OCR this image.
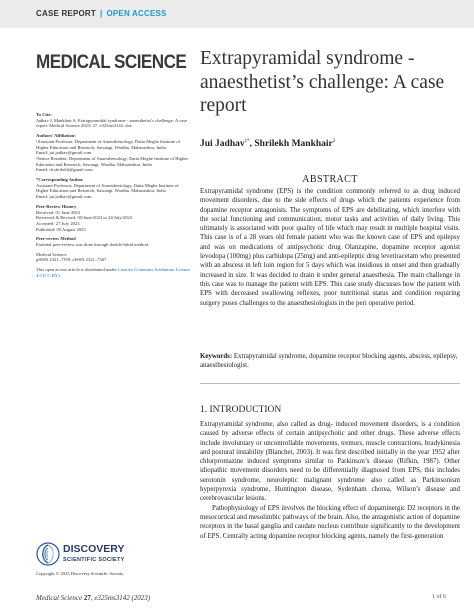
CASE REPORT | OPEN ACCESS
MEDICAL SCIENCE Extrapyramidal syndrome - anaesthetist’s challenge: A case report
Jui Jadhav$^{1*}$, Shrilekh Mankhair$^2$
To Cite:
Jadhav J, Mankhair S. Extrapyramidal syndrome - anaesthetist’s challenge: A case report. Medical Science 2023; 27: e325ms3142. doi:
Authors’ Affiliation:
¹Assistant Professor, Department of Anaesthesiology, Datta Meghe Institute of Higher Education and Research, Sawangi, Wardha, Maharashtra, India
Email: jui.jadhav@gmail.com
²Senior Resident, Department of Anaesthesiology, Datta Meghe Institute of Higher Education and Research, Sawangi, Wardha, Maharashtra, India
Email: dr.shrilekh@gmail.com
*Corresponding Author
Assistant Professor, Department of Anaesthesiology, Datta Meghe Institute of Higher Education and Research, Sawangi, Wardha, Maharashtra, India
Email: jui.jadhav@gmail.com
Peer-Review History
Received: 01 June 2023
Reviewed & Revised: 05/June/2023 to 24/July/2023
Accepted: 27 July 2023
Published: 05 August 2023
Peer-review Method
External peer-review was done through double-blind method.
Medical Science
pISSN 2321–7359; eISSN 2321–7367
This open access article is distributed under Creative Commons Attribution License 4.0 (CC BY).
ABSTRACT
Extrapyramidal syndrome (EPS) is the condition commonly referred to as drug induced movement disorders, due to the side effects of drugs which the patients experience from dopamine receptor antagonists. The symptoms of EPS are debilitating, which interfere with the social functioning and communication, motor tasks and activities of daily living. This ultimately is associated with poor quality of life which may result in multiple hospital visits. This case is of a 28 years old female patient who was the known case of EPS and epilepsy and was on medications of antipsychotic drug Olanzapine, dopamine receptor agonist levodopa (100mg) plus carbidopa (25mg) and anti-epileptic drug levetiracetam who presented with an abscess in left loin region for 5 days which was insidious in onset and then gradually increased in size. It was decided to drain it under general anaesthesia. The main challenge in this case was to manage the patient with EPS. This case study discusses how the patient with EPS with decreased swallowing reflexes, poor nutritional status and condition requiring surgery poses challenges to the anaesthesiologists in the peri operative period.
Keywords: Extrapyramidal syndrome, dopamine receptor blocking agents, abscess, epilepsy, anaesthesiologist.
1. INTRODUCTION

Extrapyramidal syndrome, also called as drug- induced movement disorders, is a condition caused by adverse effects of certain antipsychotic and other drugs. These adverse effects include involuntary or uncontrollable movements, tremors, muscle contractions, bradykinesia and postural instability (Blanchet, 2003). It was first described initially in the year 1952 after chlorpromazine induced symptoms similar to Parkinson’s disease (Rifkin, 1987). Other idiopathic movement disorders need to be differentially diagnosed from EPS, this includes serotonin syndrome, neuroleptic malignant syndrome also called as Parkinsonism hyperpyrexia syndrome, Huntington disease, Sydenham chorea, Wilson’s disease and cerebrovascular lesions.

Pathophysiology of EPS involves the blocking effect of dopaminergic D2 receptors in the mesocortical and mesolimbic pathways of the brain. Also, the antagonistic action of dopamine receptors in the basal ganglia and caudate nucleus contribute significantly to the development of EPS. Centrally acting dopamine receptor blocking agents, namely the first-generation

DISCOVERY
SCIENTIFIC SOCIETY
Copyright © 2023 Discovery Scientific Society.
Medical Science 27, e325ms3142 (2023)	1 of 6
